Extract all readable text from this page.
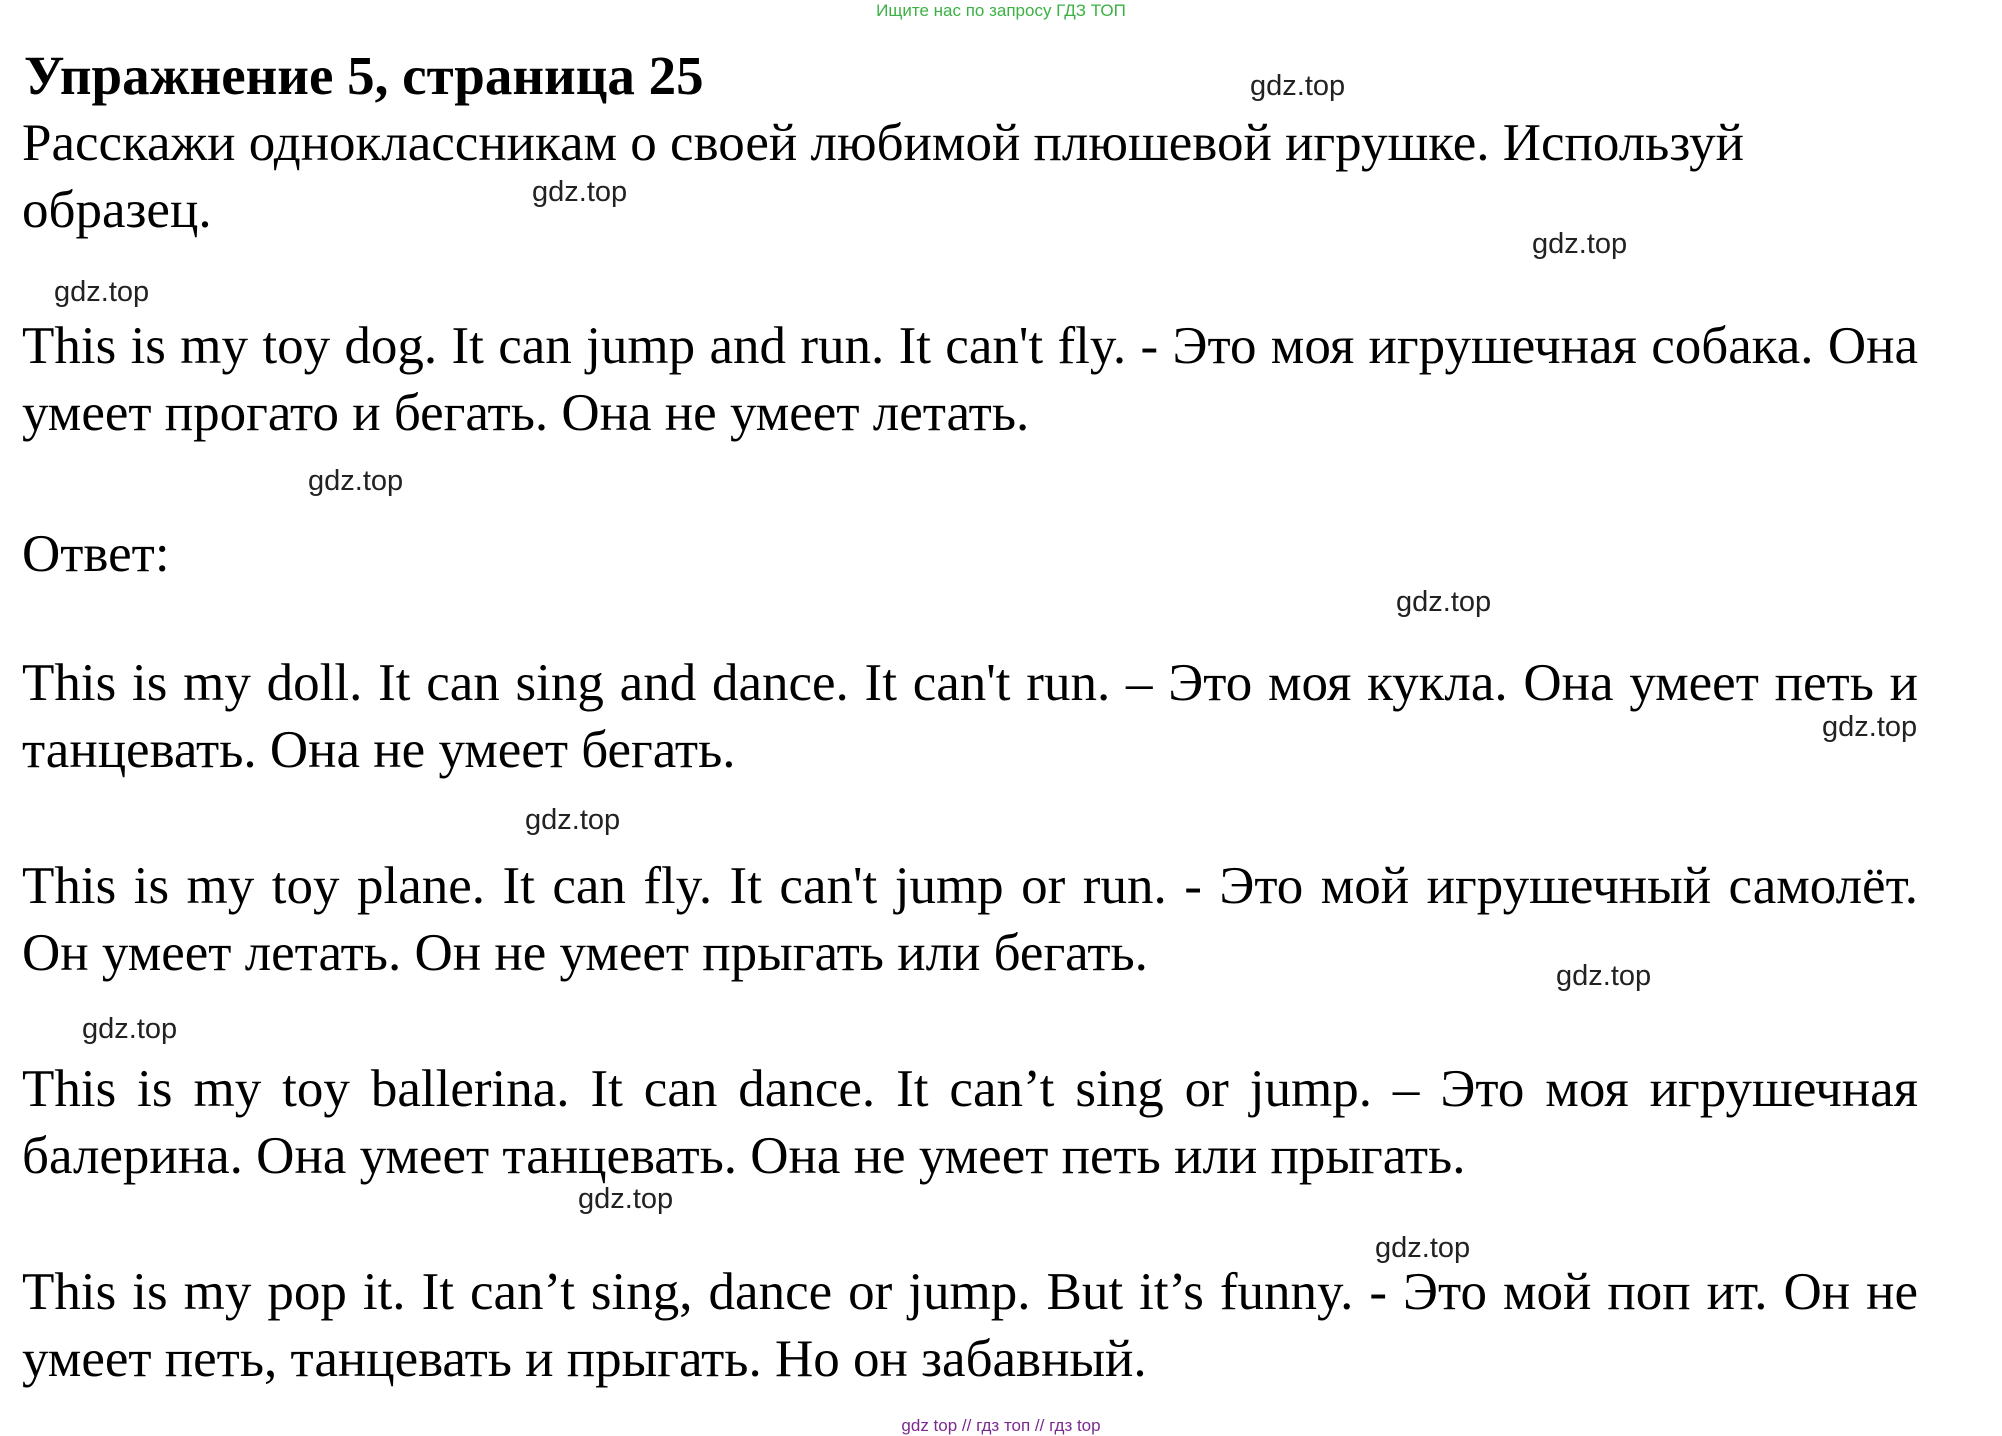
Ищите нас по запросу ГДЗ ТОП
Упражнение 5, страница 25

Расскажи одноклассникам о своей любимой плюшевой игрушке. Используй образец.

This is my toy dog. It can jump and run. It can't fly. - Это моя игрушечная собака. Она умеет прогато и бегать. Она не умеет летать.

Ответ:

This is my doll. It can sing and dance. It can't run. – Это моя кукла. Она умеет петь и танцевать. Она не умеет бегать.

This is my toy plane. It can fly. It can't jump or run. - Это мой игрушечный самолёт. Он умеет летать. Он не умеет прыгать или бегать.

This is my toy ballerina. It can dance. It can’t sing or jump. – Это моя игрушечная балерина. Она умеет танцевать. Она не умеет петь или прыгать.

This is my pop it. It can’t sing, dance or jump. But it’s funny. - Это мой поп ит. Он не умеет петь, танцевать и прыгать. Но он забавный.

gdz.top
gdz.top
gdz.top
gdz.top
gdz.top
gdz.top
gdz.top
gdz.top
gdz.top
gdz.top
gdz.top
gdz.top
gdz top // гдз топ // гдз top
